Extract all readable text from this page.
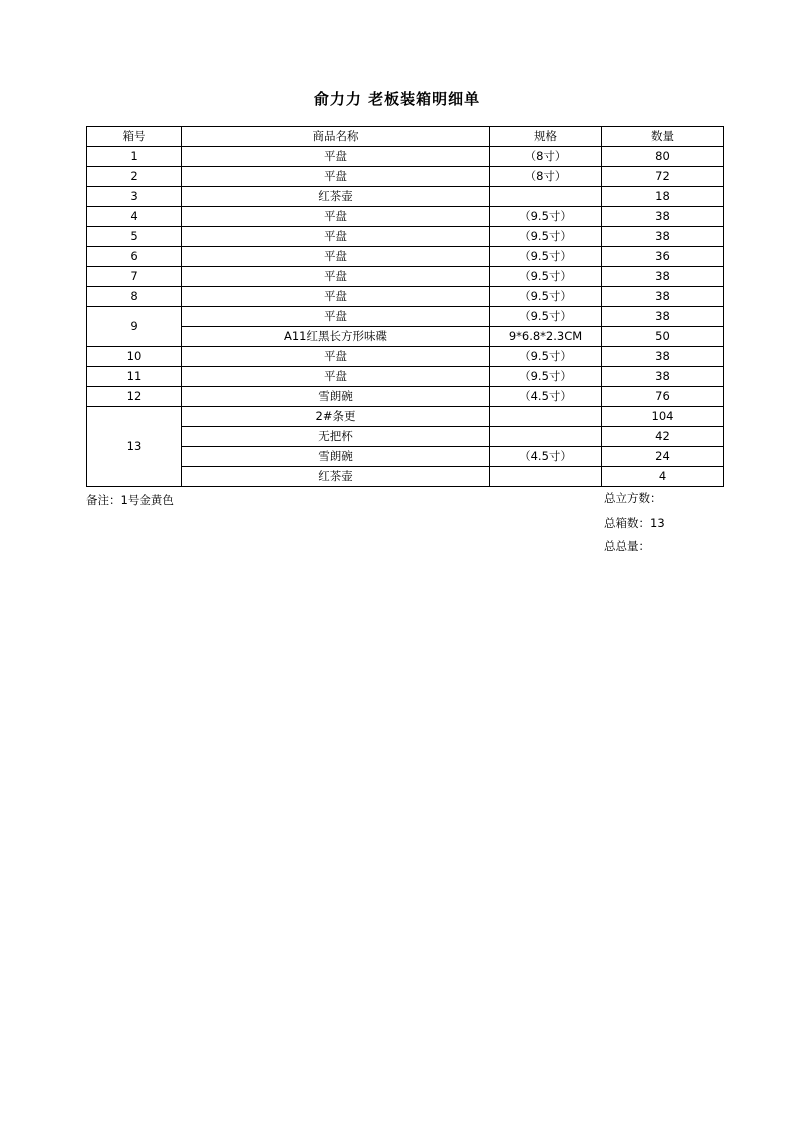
俞力力 老板装箱明细单
箱号	商品名称	规格	数量
1	平盘	（8寸）	80
2	平盘	（8寸）	72
3	红茶壶		18
4	平盘	（9.5寸）	38
5	平盘	（9.5寸）	38
6	平盘	（9.5寸）	36
7	平盘	（9.5寸）	38
8	平盘	（9.5寸）	38
9	平盘	（9.5寸）	38
	A11红黑长方形味碟	9*6.8*2.3CM	50
10	平盘	（9.5寸）	38
11	平盘	（9.5寸）	38
12	雪朗碗	（4.5寸）	76
13	2#条更		104
	无把杯		42
	雪朗碗	（4.5寸）	24
	红茶壶		4
备注：1号金黄色	总立方数：
总箱数：13
总总量：
